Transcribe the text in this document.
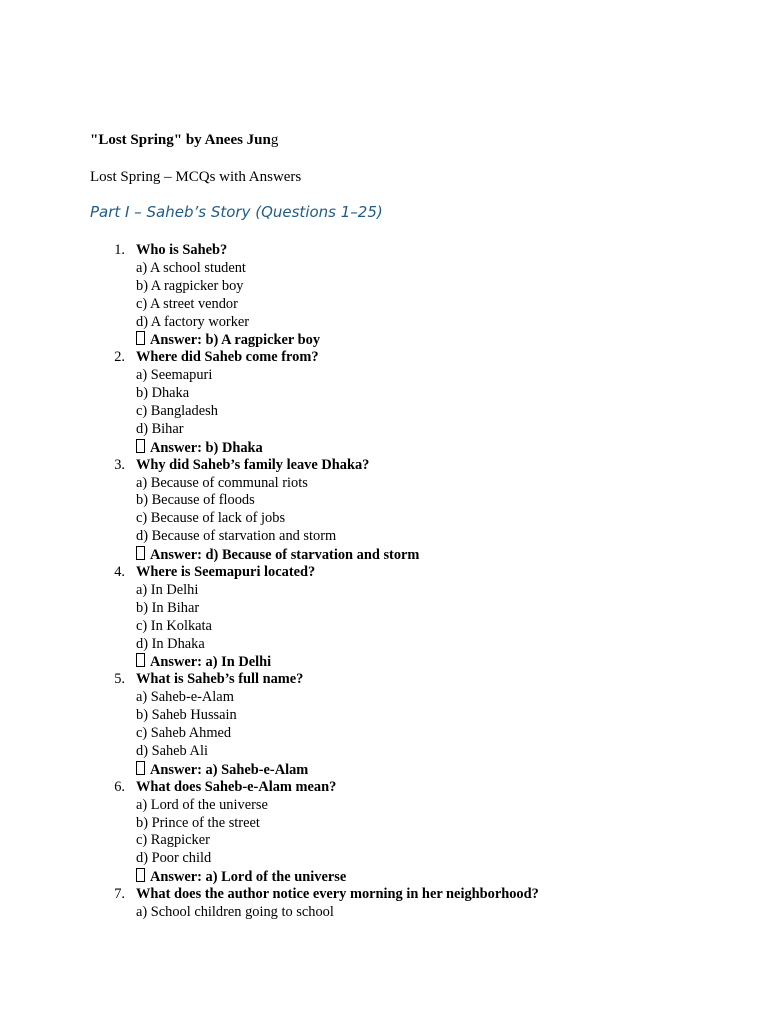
"Lost Spring" by Anees Jung
Lost Spring – MCQs with Answers
Part I – Saheb’s Story (Questions 1–25)
1. Who is Saheb?
a) A school student
b) A ragpicker boy
c) A street vendor
d) A factory worker
Answer: b) A ragpicker boy
2. Where did Saheb come from?
a) Seemapuri
b) Dhaka
c) Bangladesh
d) Bihar
Answer: b) Dhaka
3. Why did Saheb’s family leave Dhaka?
a) Because of communal riots
b) Because of floods
c) Because of lack of jobs
d) Because of starvation and storm
Answer: d) Because of starvation and storm
4. Where is Seemapuri located?
a) In Delhi
b) In Bihar
c) In Kolkata
d) In Dhaka
Answer: a) In Delhi
5. What is Saheb’s full name?
a) Saheb-e-Alam
b) Saheb Hussain
c) Saheb Ahmed
d) Saheb Ali
Answer: a) Saheb-e-Alam
6. What does Saheb-e-Alam mean?
a) Lord of the universe
b) Prince of the street
c) Ragpicker
d) Poor child
Answer: a) Lord of the universe
7. What does the author notice every morning in her neighborhood?
a) School children going to school
